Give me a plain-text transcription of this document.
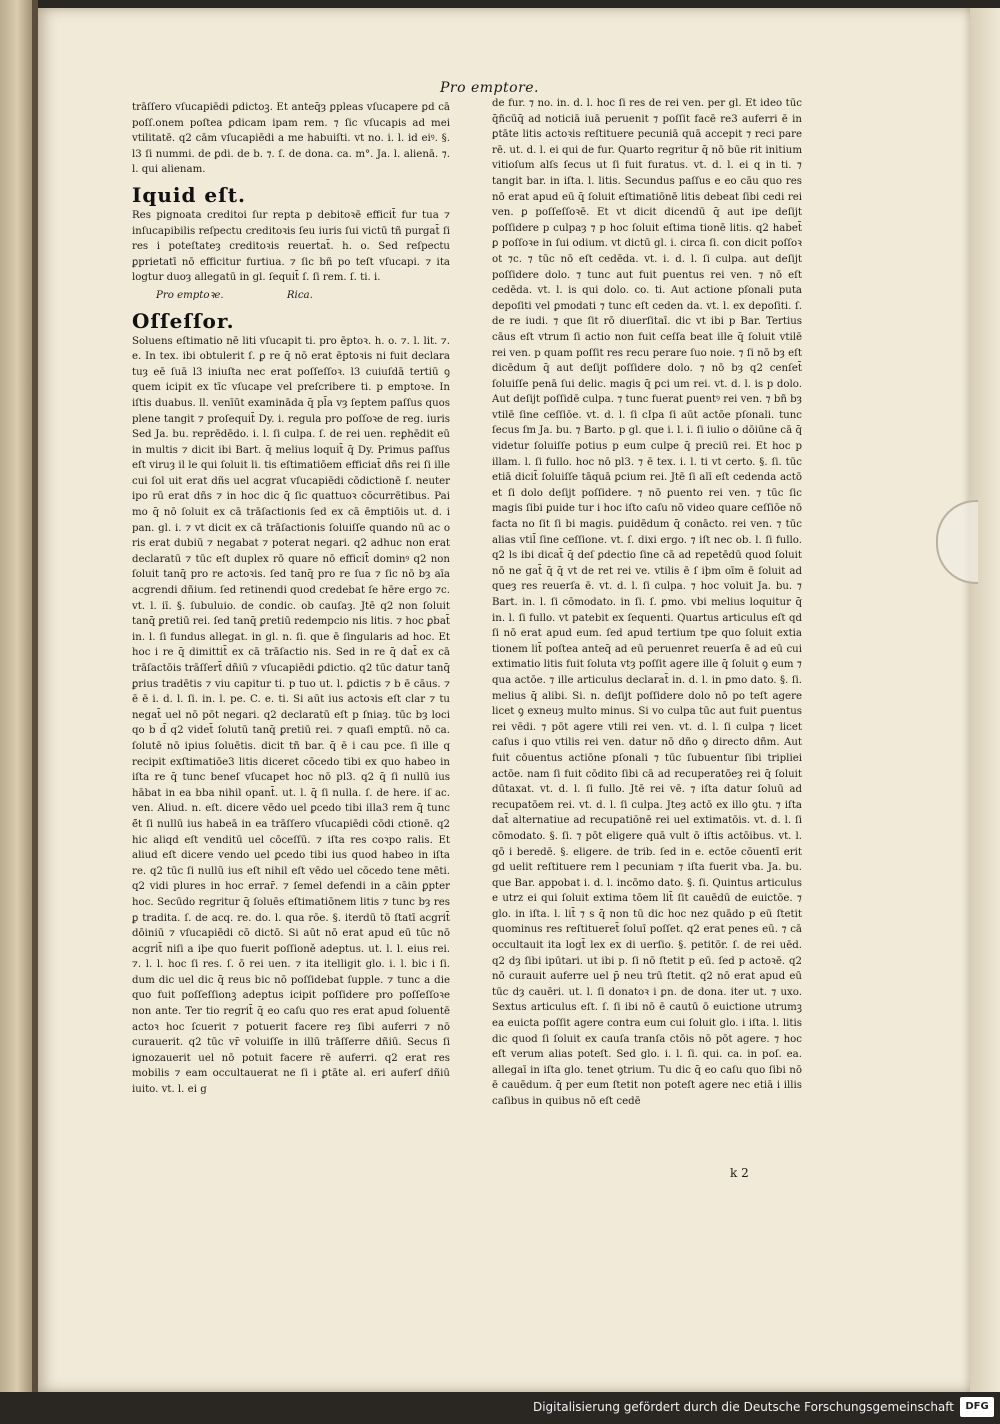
Pro emptore.

trāſſero vſucapiēdi ꝑdictoꝫ. Et anteq̄ȝ ꝑpleas vſucapere ꝑd cā poſſ.onem poſtea ꝑdicam ipam rem. ⁊ ſic vſucapis ad mei vtilitatē. q2 cām vſucapiēdi a me habuiſti. vt no. i. l. id eiꝰ. §. l3 ſi nummi. de ꝑdi. de b. ⁊. ſ. de dona. ca. m°. Ja. l. alienā. ⁊. l. qui alienam.

Iquid eſt.

Res pignoata creditoi ſur repta p debitoꝛē efficit̄ fur tua ⁊ inſucapibilis reſpectu creditoꝛis ſeu iuris ſui victū tñ purgat̄ ſi res i poteſtateȝ creditoꝛis reuertat̄. h. o. Sed reſpectu ꝑprietatī nō efficitur furtiua. ⁊ ſic bñ po teſt vſucapi. ⁊ ita logtur duoȝ allegatū in gl. ſequit̄ ſ. ſi rem. ſ. ti. i.

Pro emptoꝛe.	Rica.
Oſſeſſor.

Soluens eſtimatio nē liti vſucapit ti. pro ēptoꝛ. h. o. ⁊. l. lit. ⁊. e. In tex. ibi obtulerit ſ. ꝑ re q̄ nō erat ēptoꝛis ni fuit declara tuȝ eē ſuā l3 iniuſta nec erat poſſeſſoꝛ. l3 cuiuſdā tertiū ꝯ quem icipit ex tīc vſucape vel preſcribere ti. p emptoꝛe. In iſtis duabus. ll. venīūt examināda q̄ pl̄a vȝ ſeptem paſſus quos plene tangit ⁊ proſequit̄ Dy. i. regula pro poſſoꝛe de reg. iuris Sed Ja. bu. reprēdēdo. i. l. ſi culpa. ſ. de rei uen. reꝑhēdit eū in multis ⁊ dicit ibi Bart. q̄ melius loquit̄ q̄ Dy. Primus paſſus eſt viruȝ il le qui ſoluit li. tis eſtimatiōem efficiat̄ dñs rei ſi ille cui ſol uit erat dñs uel acgrat vſucapiēdi cōdictionē ſ. neuter ipo rū erat dñs ⁊ in hoc dic q̄ ſic quattuoꝛ cōcurrētibus. Pai mo q̄ nō ſoluit ex cā trāſactionis ſed ex cā ēmptiōis ut. d. i pan. gl. i. ⁊ vt dicit ex cā trāſactionis ſoluiſſe quando nū ac o ris erat dubiū ⁊ negabat ⁊ poterat negari. q2 adhuc non erat declaratū ⁊ tūc eſt duplex rō quare nō efficit̄ dominꝰ q2 non ſoluit tanq̄ pro re actoꝛis. ſed tanq̄ pro re ſua ⁊ ſic nō bȝ aīa acgrendi dñium. ſed retinendi quod credebat ſe hēre ergo ⁊c. vt. l. iī. §. ſubuluio. de condic. ob cauſaȝ. Jtē q2 non ſoluit tanq̄ ꝑretiū rei. ſed tanq̄ ꝑretiū redempcio nis litis. ⁊ hoc ꝑbat̄ in. l. ſi fundus allegat. in gl. n. ſi. que ē ſingularis ad hoc. Et hoc i re q̄ dimittit̄ ex cā trāſactio nis. Sed in re q̄ dat̄ ex cā trāſactōis trāſſert̄ dñiū ⁊ vſucapiēdi ꝑdictio. q2 tūc datur tanq̄ ꝑrius tradētis ⁊ viu capitur ti. p tuo ut. l. ꝑdictis ⁊ b ē cāus. ⁊ ē ē i. d. l. ſi. in. l. pe. C. e. ti. Si aūt ius actoꝛis eſt clar ⁊ tu negat̄ uel nō pōt negari. q2 declaratū eſt p ſniaȝ. tūc bȝ loci qo b d̄ q2 videt̄ ſolutū tanq̄ ꝑretiū rei. ⁊ quaſi emptū. nō ca. ſolutē nō ipius ſoluētis. dicit tñ bar. q̄ ē i cau pce. ſi ille q recipit exſtimatiōe3 litis diceret cōcedo tibi ex quo habeo in iſta re q̄ tunc beneſ vſucapet hoc nō pl3. q2 q̄ ſi nullū ius hābat in ea bba nihil opant̄. ut. l. q̄ ſi nulla. ſ. de here. iſ ac. ven. Aliud. n. eſt. dicere vēdo uel ꝑcedo tibi illa3 rem q̄ tunc ē̄t ſi nullū ius habeā in ea trāſſero vſucapiēdi cōdi ctionē. q2 hic aliqd eſt venditū uel cōceſſū. ⁊ iſta res coꝛpo ralis. Et aliud eſt dicere vendo uel ꝑcedo tibi ius quod habeo in iſta re. q2 tūc ſi nullū ius eſt nihil eſt vēdo uel cōcedo tene mēti. q2 vidi plures in hoc errar̄. ⁊ ſemel defendi in a cāin ꝑpter hoc. Secūdo regritur q̄ ſoluēs eſtimatiōnem litis ⁊ tunc bȝ res ꝑ tradita. ſ. de acq. re. do. l. qua rōe. §. iterdū tō ſtatī acgrit̄ dōiniū ⁊ vſucapiēdi cō dictō. Si aūt nō erat apud eū tūc nō acgrit̄ niſi a iþe quo fuerit poſſioně adeptus. ut. l. l. eius rei. ⁊. l. l. hoc ſi res. ſ. ō rei uen. ⁊ ita itelligit glo. i. l. bic i ſi. dum dic uel dic q̄ reus bic nō poſſidebat ſupple. ⁊ tunc a die quo fuit poſſeſſionꝫ adeptus icipit poſſidere pro poſſeſſoꝛe non ante. Ter tio regrit̄ q̄ eo caſu quo res erat apud ſoluentē actoꝛ hoc ſcuerit ⁊ potuerit facere reȝ ſibi auferri ⁊ nō curauerit. q2 tūc vr̄ voluiſſe in illū trāſſerre dñiū. Secus ſi ignozauerit uel nō potuit facere rē auferri. q2 erat res mobilis ⁊ eam occultauerat ne ſi i ꝑtāte al. eri auferſ dñiū iuito. vt. l. ei g

de fur. ⁊ no. in. d. l. hoc ſi res de rei ven. per gl. Et ideo tūc q̄ñcūq̄ ad noticiā iuā peruenit ⁊ poſſit facē re3 auferri ē in ꝑtāte litis actoꝛis reſtituere pecuniā quā accepit ⁊ reci pare rē. ut. d. l. ei qui de fur. Quarto regritur q̄ nō būe rit initium vitioſum alſs ſecus ut ſi fuit furatus. vt. d. l. ei q in ti. ⁊ tangit bar. in iſta. l. litis. Secundus paſſus e eo cāu quo res nō erat apud eū q̄ ſoluit eſtimatiōnē litis debeat ſibi cedi rei ven. ꝑ poſſeſſoꝛē. Et vt dicit dicendū q̄ aut ipe deſijt poſſidere p culpaȝ ⁊ p hoc ſoluit eſtima tionē litis. q2 habet̄ ꝑ poſſoꝛe in ſui odium. vt dictū gl. i. circa ſi. con dicit poſſoꝛ ot ⁊c. ⁊ tūc nō eſt cedēda. vt. i. d. l. ſi culpa. aut deſijt poſſidere dolo. ⁊ tunc aut fuit ꝑuentus rei ven. ⁊ nō eſt cedēda. vt. l. is qui dolo. co. ti. Aut actione pſonali puta depoſiti vel ꝑmodati ⁊ tunc eſt ceden da. vt. l. ex depoſiti. ſ. de re iudi. ⁊ que ſit rō diuerſitaī. dic vt ibi p Bar. Tertius cāus eſt vtrum ſi actio non fuit ceſſa beat ille q̄ ſoluit vtilē rei ven. p quam poſſit res recu perare ſuo noie. ⁊ ſi nō bȝ eſt dicēdum q̄ aut deſijt poſſidere dolo. ⁊ nō bȝ q2 cenſet̄ ſoluiſſe penā ſui delic. magis q̄ ꝑci um rei. vt. d. l. is p dolo. Aut deſijt poſſidē culpa. ⁊ tunc fuerat ꝑuentꝰ rei ven. ⁊ bñ bȝ vtilē ſine ceſſiōe. vt. d. l. ſi cIpa ſi aūt actōe pſonali. tunc ſecus ſm Ja. bu. ⁊ Barto. p gl. que i. l. i. ſi iulio o dōiūne cā q̄ videtur ſoluiſſe potius p eum culpe q̄ preciū rei. Et hoc p illam. l. ſi fullo. hoc nō pl3. ⁊ ē tex. i. l. ti vt certo. §. ſi. tūc etiā dicit̄ ſoluiſſe tāquā ꝑcium rei. Jtē ſi alī eſt cedenda actō et ſi dolo deſijt poſſidere. ⁊ nō ꝑuento rei ven. ⁊ tūc ſic magis ſibi ꝑuide tur i hoc iſto caſu nō video quare ceſſiōe nō facta no ſit ſi bi magis. ꝑuidēdum q̄ conācto. rei ven. ⁊ tūc alias vtil̄ ſine ceſſione. vt. ſ. dixi ergo. ⁊ iſt nec ob. l. ſi fullo. q2 ls ibi dicat̄ q̄ deſ ꝑdectio ſine cā ad repetēdū quod ſoluit nō ne gat̄ q̄ q̄ vt de ret rei ve. vtilis ē ſ iþm oīm ē ſoluit ad queȝ res reuerſa ē. vt. d. l. ſi culpa. ⁊ hoc voluit Ja. bu. ⁊ Bart. in. l. ſi cōmodato. in ſi. ſ. ꝑmo. vbi melius loquitur q̄ in. l. ſi fullo. vt patebit ex ſequenti. Quartus articulus eſt qd ſi nō erat apud eum. ſed apud tertium tpe quo ſoluit extia tionem lit̄ poſtea anteq̄ ad eū peruenret reuerſa ē ad eū cui extimatio litis fuit ſoluta vtȝ poſſit agere ille q̄ ſoluit ꝯ eum ⁊ qua actōe. ⁊ ille articulus declarat̄ in. d. l. in ꝑmo dato. §. ſi. melius q̄ alibi. Si. n. deſijt poſſidere dolo nō po teſt agere licet ꝯ exneuȝ multo minus. Si vo culpa tūc aut fuit ꝑuentus rei vēdi. ⁊ pōt agere vtili rei ven. vt. d. l. ſi culpa ⁊ licet caſus i quo vtilis rei ven. datur nō dño ꝯ directo dñm. Aut fuit cōuentus actiōne pſonali ⁊ tūc ſubuentur ſibi tripliei actōe. nam ſi fuit cōdito ſibi cā ad recuperatōeȝ rei q̄ ſoluit dūtaxat. vt. d. l. ſi fullo. Jtē rei vē. ⁊ iſta datur ſoluū ad recupatōem rei. vt. d. l. ſi culpa. Jteȝ actō ex illo ꝯtu. ⁊ iſta dat̄ alternatiue ad recupatiōnē rei uel extimatōis. vt. d. l. ſi cōmodato. §. ſi. ⁊ pōt eligere quā vult ō iſtis actōibus. vt. l. qō i beredē. §. eligere. de trib. ſed in e. ectōe cōuentī erit gd uelit reſtituere rem l pecuniam ⁊ iſta fuerit vba. Ja. bu. que Bar. appobat i. d. l. incōmo dato. §. ſi. Quintus articulus e utrz ei qui ſoluit extima tōem lit̄ ſit cauēdū de euictōe. ⁊ glo. in iſta. l. lit̄ ⁊ s q̄ non tū dic hoc nez quādo p eū ſtetit quominus res reſtitueret̄ ſoluī poſſet. q2 erat penes eū. ⁊ cā occultauit ita logt̄ lex ex di uerſio. §. petitōr. ſ. de rei uēd. q2 dȝ ſibi ipūtari. ut ibi p. ſi nō ſtetit p eū. ſed p actoꝛē. q2 nō curauit auferre uel p̄ neu trū ſtetit. q2 nō erat apud eū tūc dȝ cauēri. ut. l. ſi donatoꝛ i ꝑn. de dona. iter ut. ⁊ uxo. Sextus articulus eſt. ſ. ſi ibi nō ē cautū ō euictione utrumꝫ ea euicta poſſit agere contra eum cui ſoluit glo. i iſta. l. litis dic quod ſi ſoluit ex cauſa tranſa ctōis nō pōt agere. ⁊ hoc eſt verum alias poteſt. Sed glo. i. l. ſi. qui. ca. in poſ. ea. allegaī in iſta glo. tenet ꝯtrium. Tu dic q̄ eo caſu quo ſibi nō ē cauēdum. q̄ per eum ſtetit non poteſt agere nec etiā i illis caſibus in quibus nō eſt cedē

k 2
Digitalisierung gefördert durch die Deutsche Forschungsgemeinschaft	DFG
